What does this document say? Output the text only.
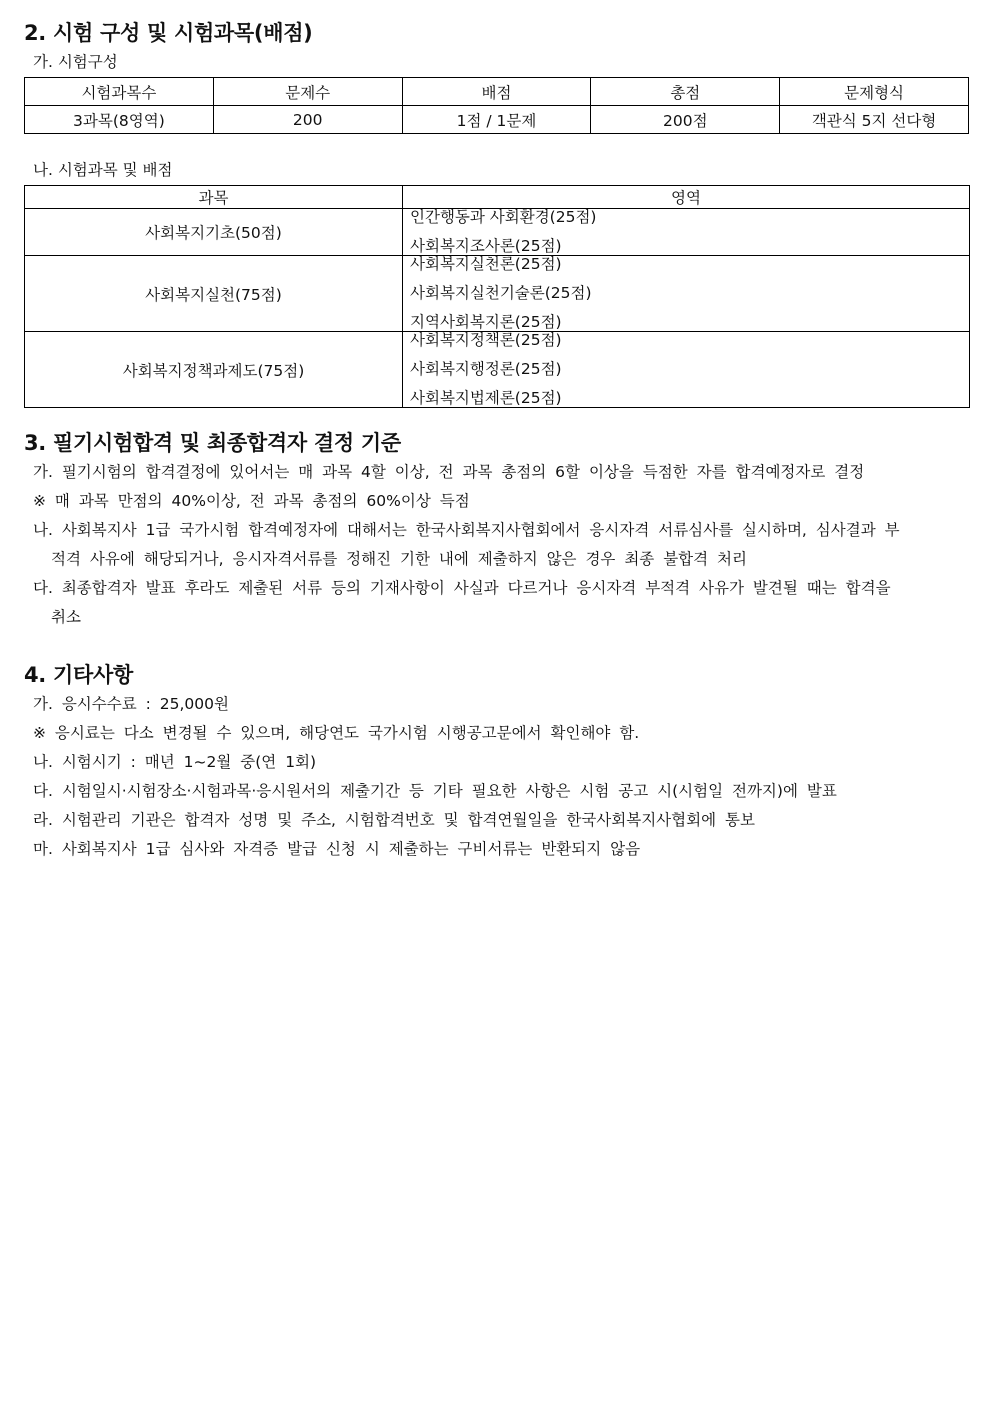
2. 시험 구성 및 시험과목(배점)

가. 시험구성

시험과목수	문제수	배점	총점	문제형식
3과목(8영역)	200	1점 / 1문제	200점	객관식 5지 선다형

나. 시험과목 및 배점

과목	영역
사회복지기초(50점)	인간행동과 사회환경(25점)
사회복지조사론(25점)

사회복지실천(75점)	사회복지실천론(25점)
사회복지실천기술론(25점)
지역사회복지론(25점)

사회복지정책과제도(75점)	사회복지정책론(25점)
사회복지행정론(25점)
사회복지법제론(25점)
3. 필기시험합격 및 최종합격자 결정 기준
가. 필기시험의 합격결정에 있어서는 매 과목 4할 이상, 전 과목 총점의 6할 이상을 득점한 자를 합격예정자로 결정
※ 매 과목 만점의 40%이상, 전 과목 총점의 60%이상 득점
나. 사회복지사 1급 국가시험 합격예정자에 대해서는 한국사회복지사협회에서 응시자격 서류심사를 실시하며, 심사결과 부
적격 사유에 해당되거나, 응시자격서류를 정해진 기한 내에 제출하지 않은 경우 최종 불합격 처리
다. 최종합격자 발표 후라도 제출된 서류 등의 기재사항이 사실과 다르거나 응시자격 부적격 사유가 발견될 때는 합격을
취소
4. 기타사항
가. 응시수수료 : 25,000원
※ 응시료는 다소 변경될 수 있으며, 해당연도 국가시험 시행공고문에서 확인해야 함.
나. 시험시기 : 매년 1~2월 중(연 1회)
다. 시험일시·시험장소·시험과목·응시원서의 제출기간 등 기타 필요한 사항은 시험 공고 시(시험일 전까지)에 발표
라. 시험관리 기관은 합격자 성명 및 주소, 시험합격번호 및 합격연월일을 한국사회복지사협회에 통보
마. 사회복지사 1급 심사와 자격증 발급 신청 시 제출하는 구비서류는 반환되지 않음
